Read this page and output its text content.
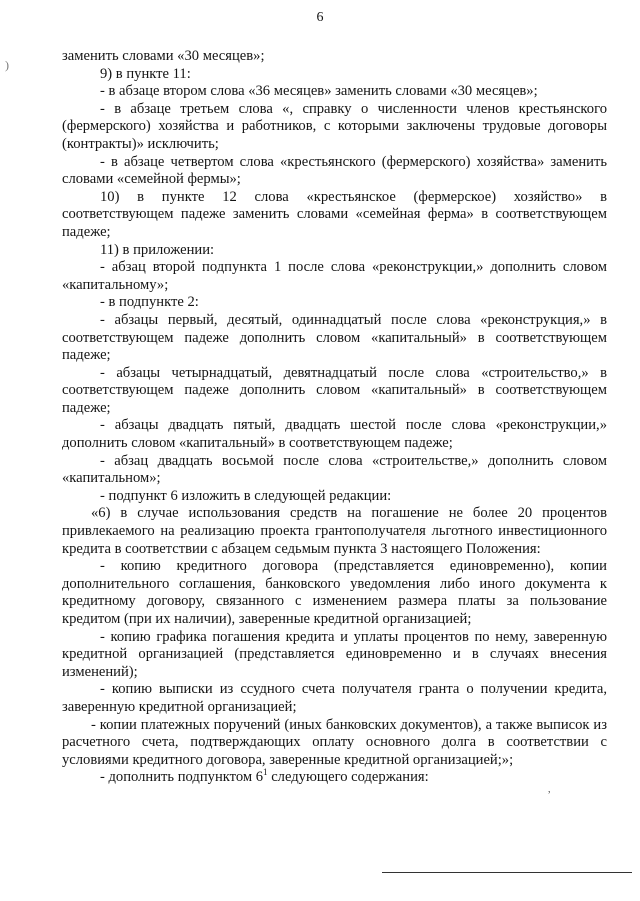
6
)

заменить словами «30 месяцев»;

9) в пункте 11:

- в абзаце втором слова «36 месяцев» заменить словами «30 месяцев»;

- в абзаце третьем слова «, справку о численности членов крестьянского (фермерского) хозяйства и работников, с которыми заключены трудовые договоры (контракты)» исключить;

- в абзаце четвертом слова «крестьянского (фермерского) хозяйства» заменить словами «семейной фермы»;

10) в пункте 12 слова «крестьянское (фермерское) хозяйство» в соответствующем падеже заменить словами «семейная ферма» в соответствующем падеже;

11) в приложении:

- абзац второй подпункта 1 после слова «реконструкции,» дополнить словом «капитальному»;

- в подпункте 2:

- абзацы первый, десятый, одиннадцатый после слова «реконструкция,» в соответствующем падеже дополнить словом «капитальный» в соответствующем падеже;

- абзацы четырнадцатый, девятнадцатый после слова «строительство,» в соответствующем падеже дополнить словом «капитальный» в соответствующем падеже;

- абзацы двадцать пятый, двадцать шестой после слова «реконструкции,» дополнить словом «капитальный» в соответствующем падеже;

- абзац двадцать восьмой после слова «строительстве,» дополнить словом «капитальном»;

- подпункт 6 изложить в следующей редакции:

«6) в случае использования средств на погашение не более 20 процентов привлекаемого на реализацию проекта грантополучателя льготного инвестиционного кредита в соответствии с абзацем седьмым пункта 3 настоящего Положения:

- копию кредитного договора (представляется единовременно), копии дополнительного соглашения, банковского уведомления либо иного документа к кредитному договору, связанного с изменением размера платы за пользование кредитом (при их наличии), заверенные кредитной организацией;

- копию графика погашения кредита и уплаты процентов по нему, заверенную кредитной организацией (представляется единовременно и в случаях внесения изменений);

- копию выписки из ссудного счета получателя гранта о получении кредита, заверенную кредитной организацией;

- копии платежных поручений (иных банковских документов), а также выписок из расчетного счета, подтверждающих оплату основного долга в соответствии с условиями кредитного договора, заверенные кредитной организацией;»;

- дополнить подпунктом $6^1$ следующего содержания:

,
